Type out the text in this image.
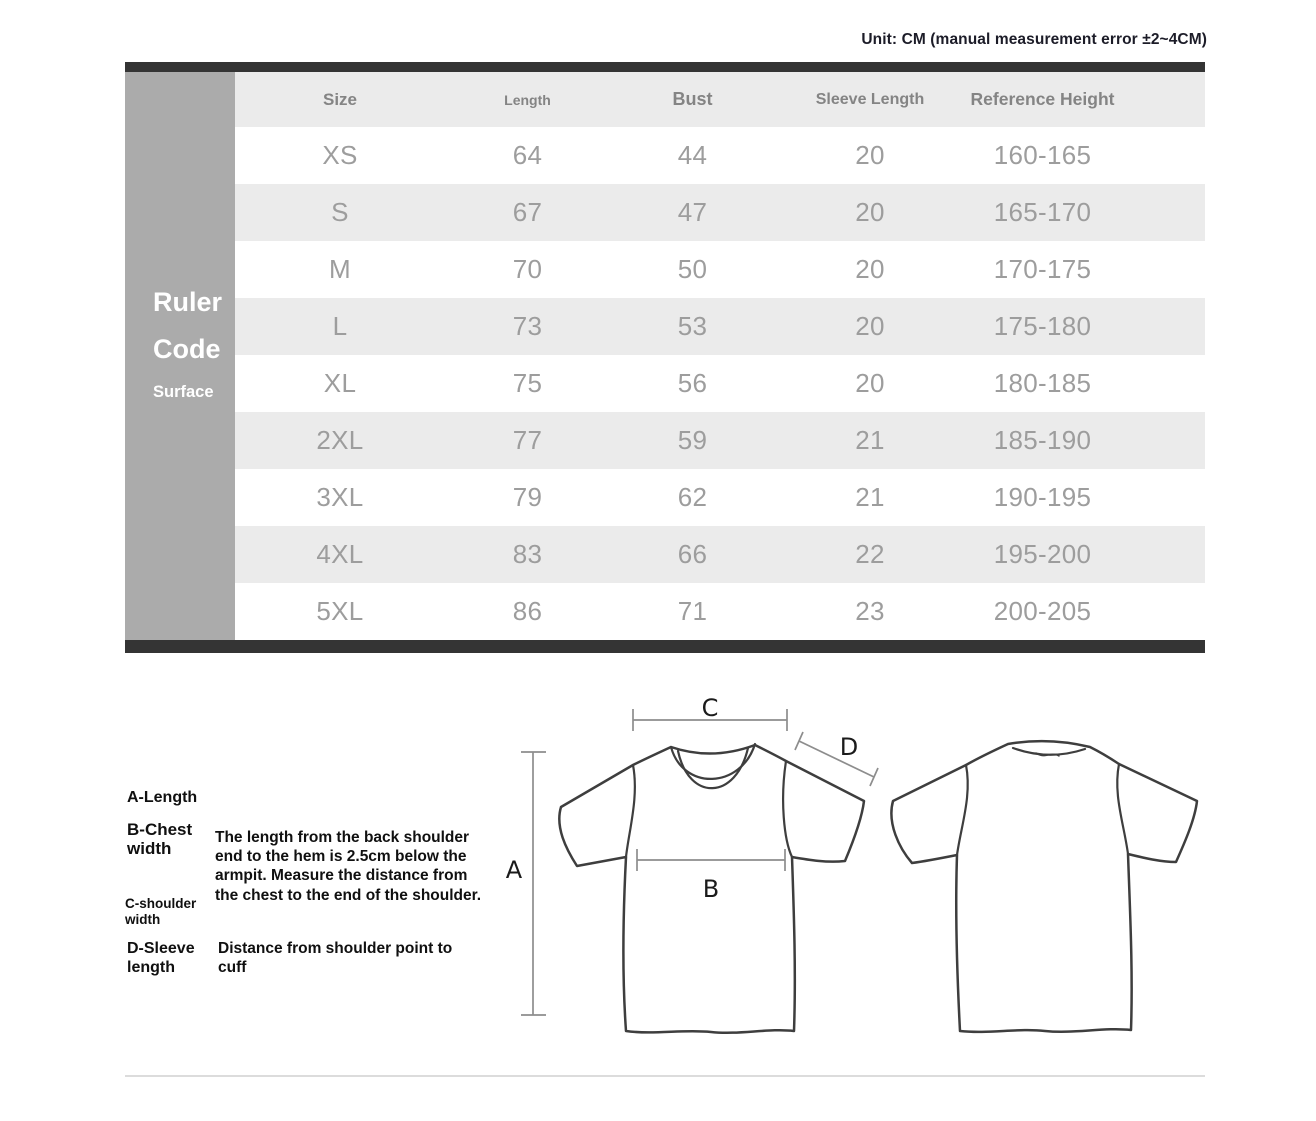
Unit: CM (manual measurement error ±2~4CM)
Ruler
Code
Surface
Size	Length	Bust	Sleeve Length	Reference Height
XS	64	44	20	160-165
S	67	47	20	165-170
M	70	50	20	170-175
L	73	53	20	175-180
XL	75	56	20	180-185
2XL	77	59	21	185-190
3XL	79	62	21	190-195
4XL	83	66	22	195-200
5XL	86	71	23	200-205
A-Length
B-Chest width
C-shoulder width
D-Sleeve length
The length from the back shoulder end to the hem is 2.5cm below the armpit. Measure the distance from the chest to the end of the shoulder.
Distance from shoulder point to cuff
C
D
A
B
